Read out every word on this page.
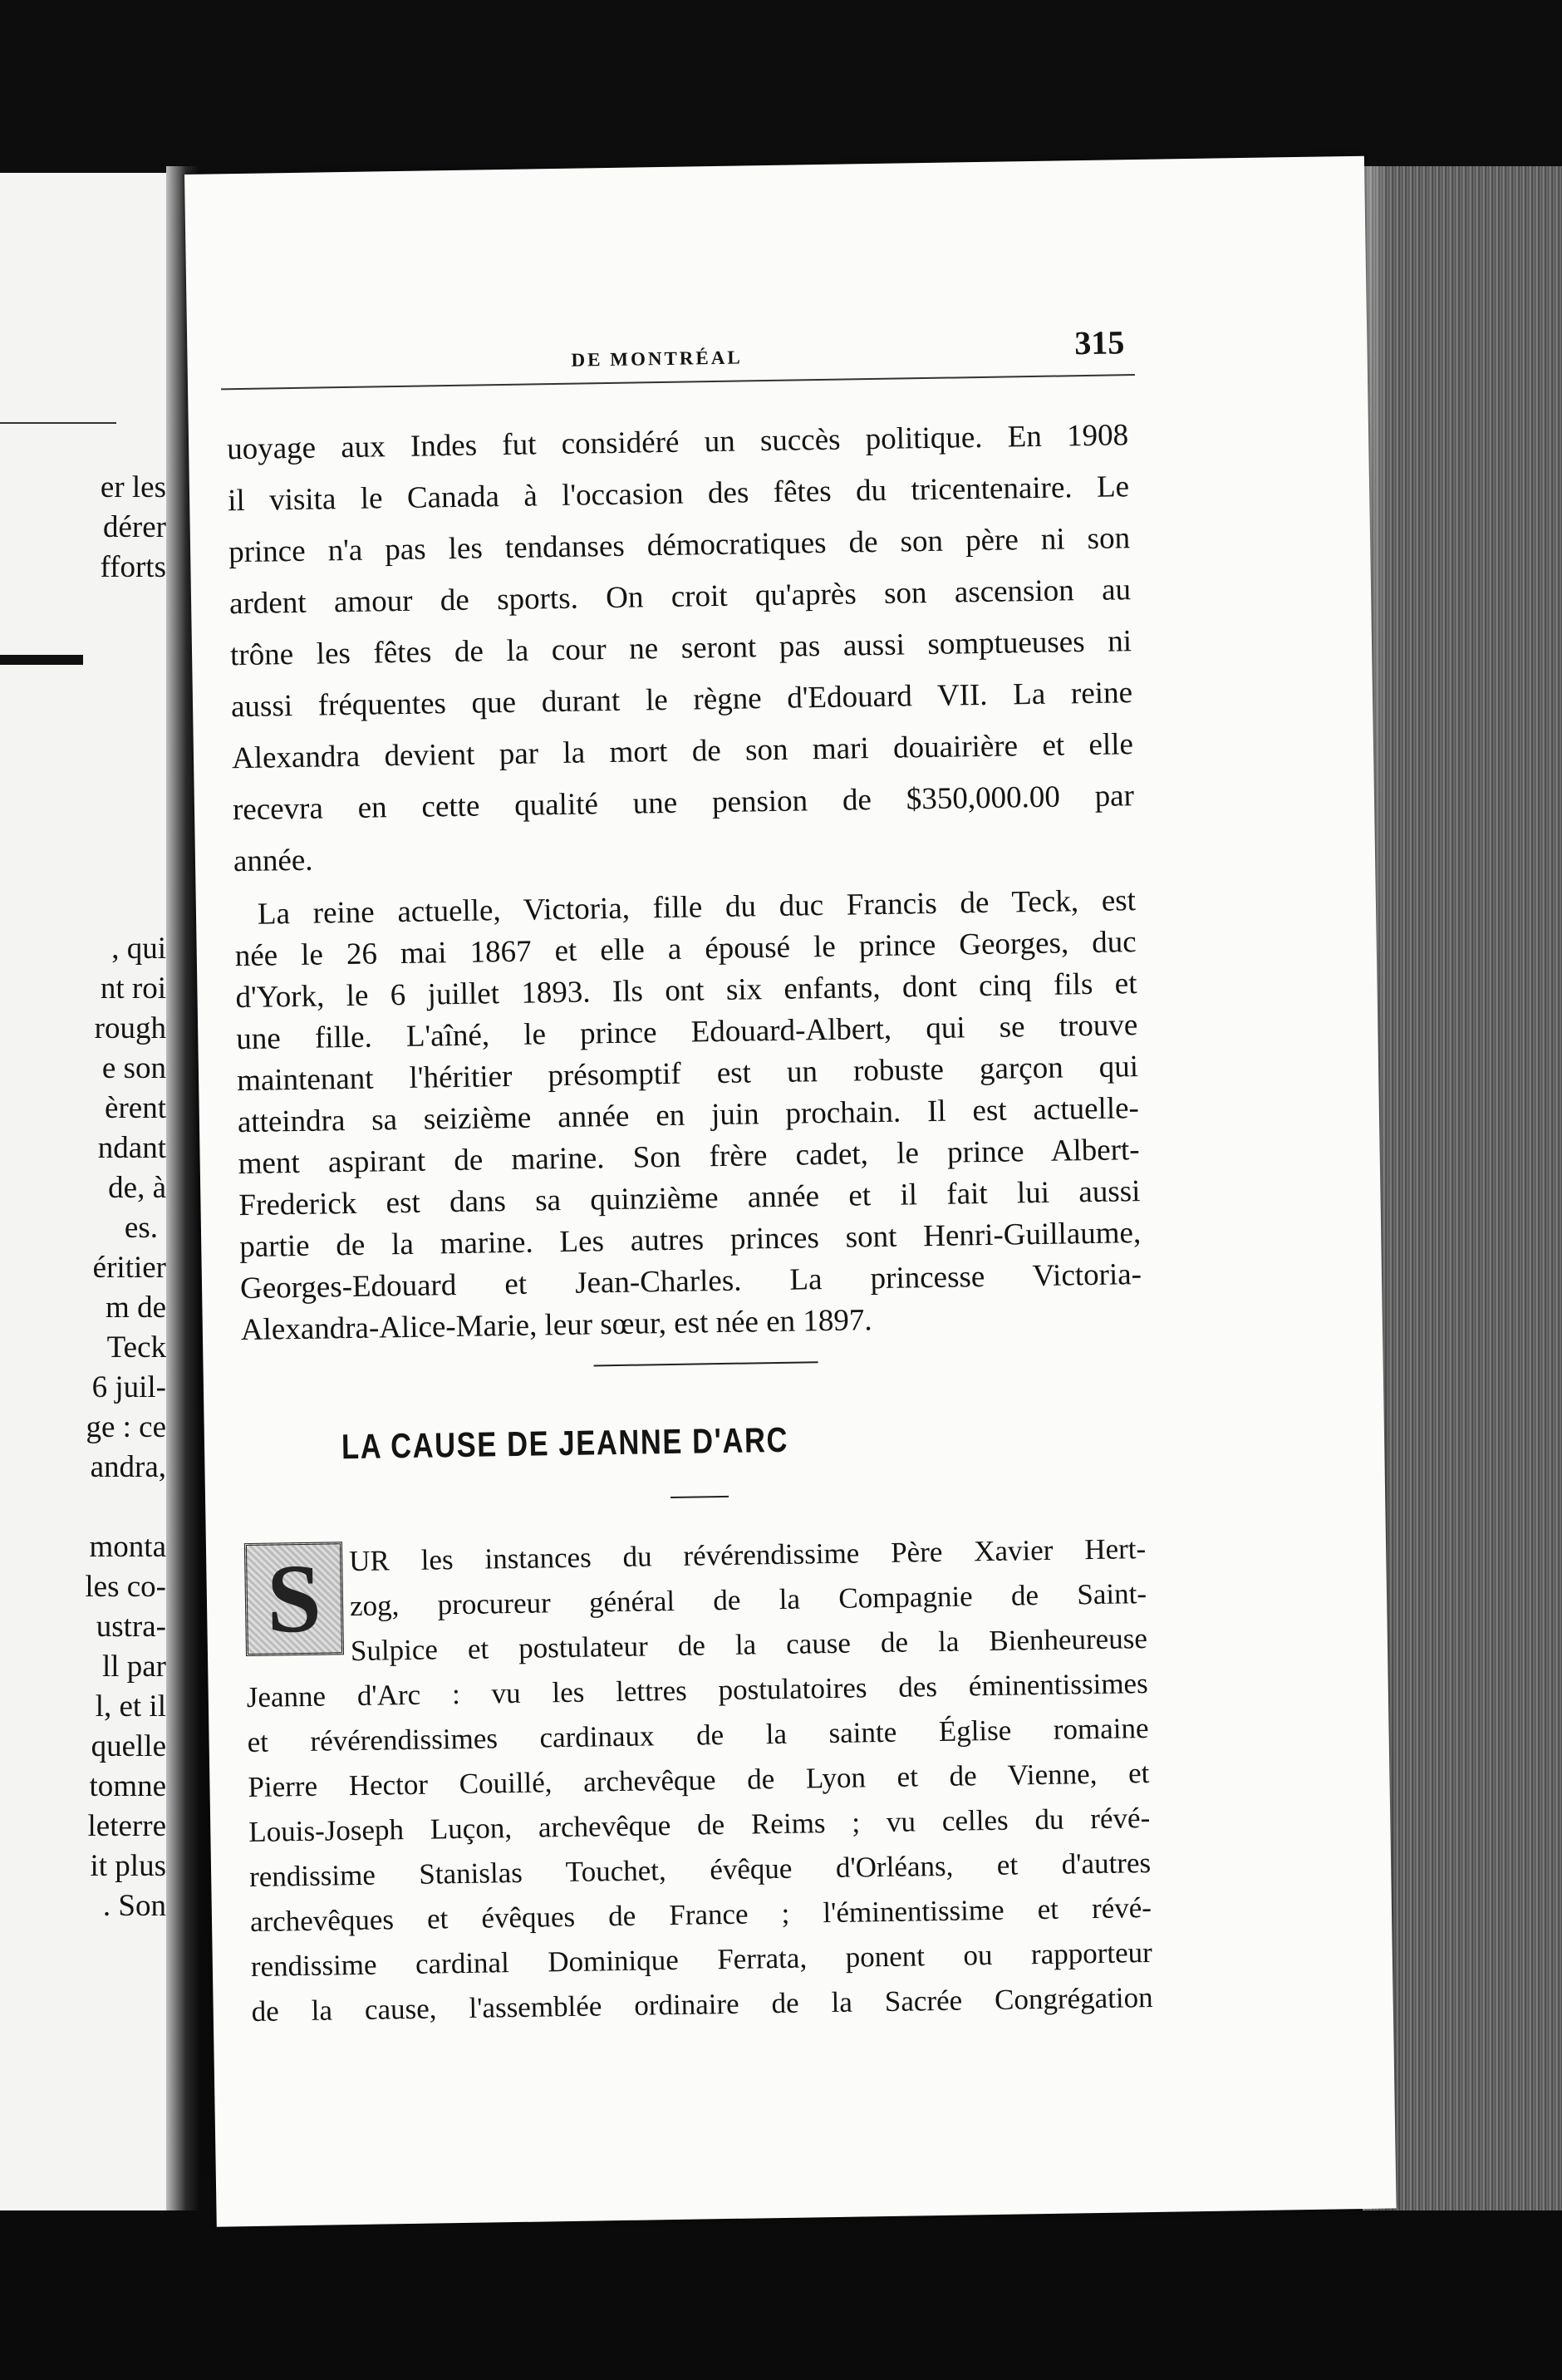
er les
dérer
fforts
, qui
nt roi
rough
e son
èrent
ndant
de, à
es.
éritier
m de
Teck
6 juil-
ge : ce
andra,
monta
les co-
ustra-
ll par
l, et il
quelle
tomne
leterre
it plus
. Son
DE MONTRÉAL	315
uoyage aux Indes fut considéré un succès politique. En 1908
il visita le Canada à l'occasion des fêtes du tricentenaire. Le
prince n'a pas les tendanses démocratiques de son père ni son
ardent amour de sports. On croit qu'après son ascension au
trône les fêtes de la cour ne seront pas aussi somptueuses ni
aussi fréquentes que durant le règne d'Edouard VII. La reine
Alexandra devient par la mort de son mari douairière et elle
recevra en cette qualité une pension de $350,000.00 par
année.
La reine actuelle, Victoria, fille du duc Francis de Teck, est
née le 26 mai 1867 et elle a épousé le prince Georges, duc
d'York, le 6 juillet 1893. Ils ont six enfants, dont cinq fils et
une fille. L'aîné, le prince Edouard-Albert, qui se trouve
maintenant l'héritier présomptif est un robuste garçon qui
atteindra sa seizième année en juin prochain. Il est actuelle-
ment aspirant de marine. Son frère cadet, le prince Albert-
Frederick est dans sa quinzième année et il fait lui aussi
partie de la marine. Les autres princes sont Henri-Guillaume,
Georges-Edouard et Jean-Charles. La princesse Victoria-
Alexandra-Alice-Marie, leur sœur, est née en 1897.
LA CAUSE DE JEANNE D'ARC
S UR les instances du révérendissime Père Xavier Hert-
zog, procureur général de la Compagnie de Saint-
Sulpice et postulateur de la cause de la Bienheureuse
Jeanne d'Arc : vu les lettres postulatoires des éminentissimes
et révérendissimes cardinaux de la sainte Église romaine
Pierre Hector Couillé, archevêque de Lyon et de Vienne, et
Louis-Joseph Luçon, archevêque de Reims ; vu celles du révé-
rendissime Stanislas Touchet, évêque d'Orléans, et d'autres
archevêques et évêques de France ; l'éminentissime et révé-
rendissime cardinal Dominique Ferrata, ponent ou rapporteur
de la cause, l'assemblée ordinaire de la Sacrée Congrégation
